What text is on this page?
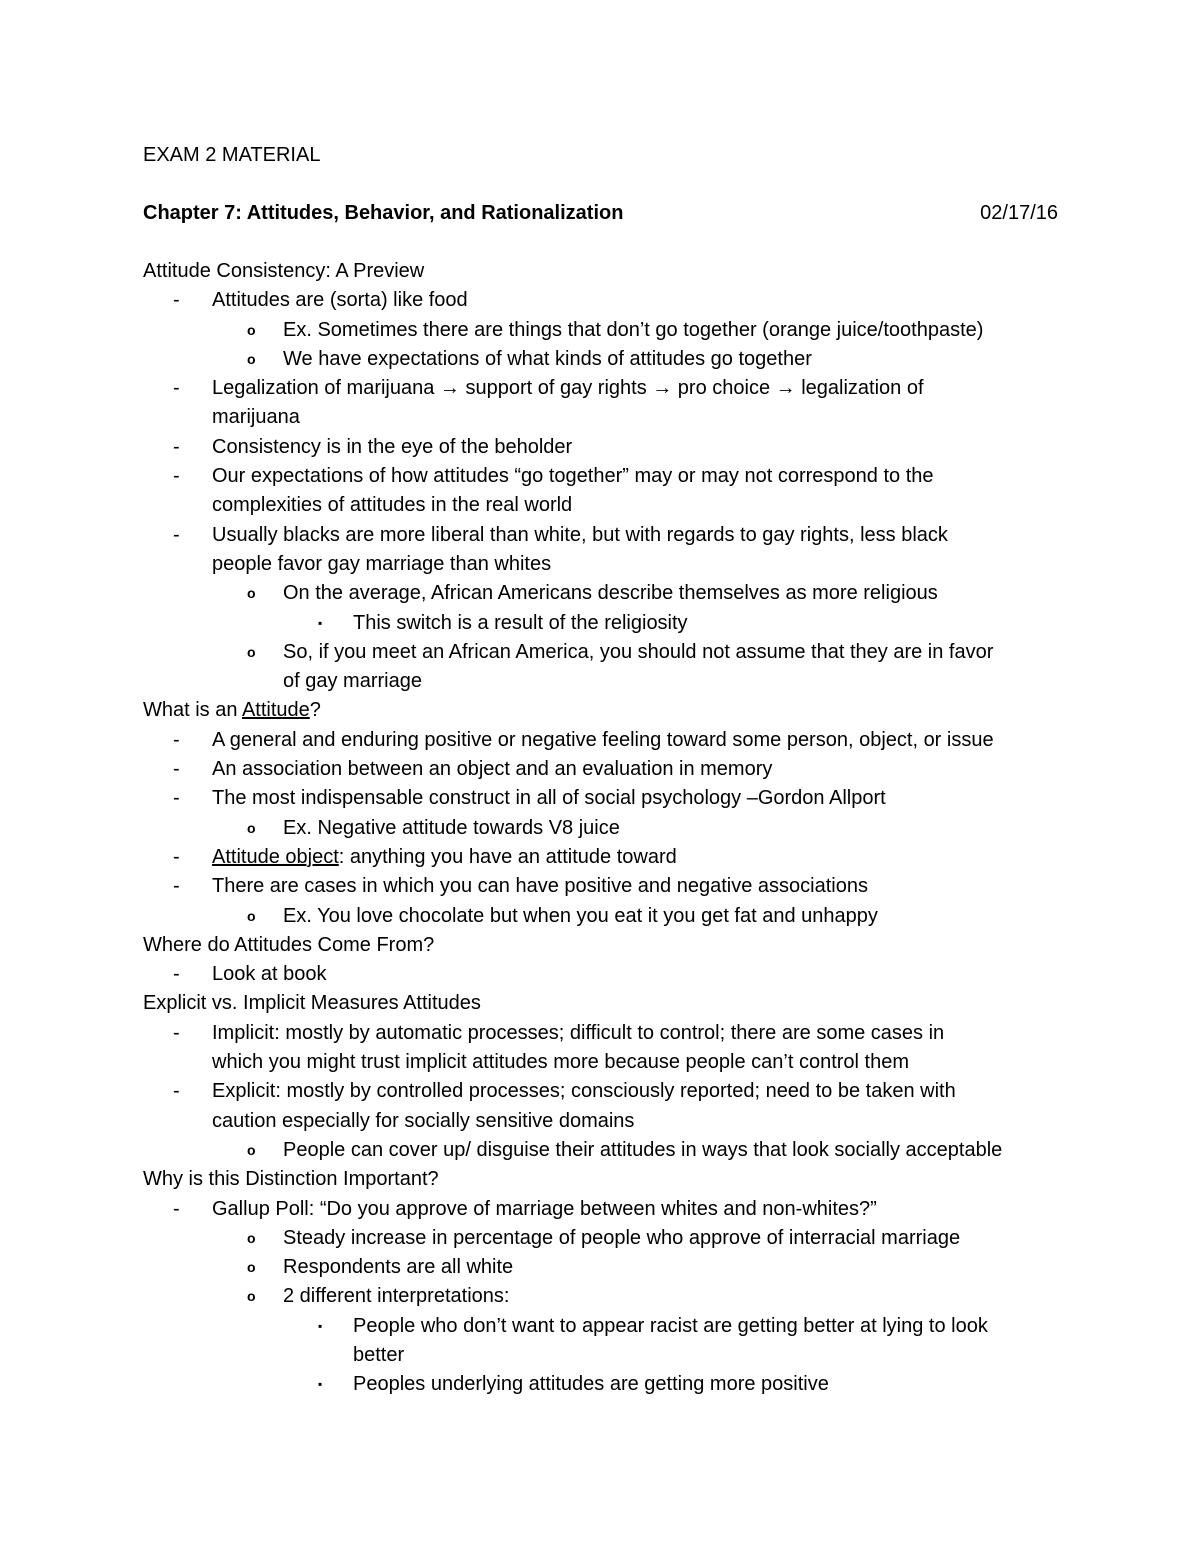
EXAM 2 MATERIAL
Chapter 7: Attitudes, Behavior, and Rationalization	02/17/16
Attitude Consistency: A Preview
- Attitudes are (sorta) like food
o Ex. Sometimes there are things that don’t go together (orange juice/toothpaste)
o We have expectations of what kinds of attitudes go together
- Legalization of marijuana → support of gay rights → pro choice → legalization of
marijuana
- Consistency is in the eye of the beholder
- Our expectations of how attitudes “go together” may or may not correspond to the
complexities of attitudes in the real world
- Usually blacks are more liberal than white, but with regards to gay rights, less black
people favor gay marriage than whites
o On the average, African Americans describe themselves as more religious
▪ This switch is a result of the religiosity
o So, if you meet an African America, you should not assume that they are in favor
of gay marriage
What is an Attitude?
- A general and enduring positive or negative feeling toward some person, object, or issue
- An association between an object and an evaluation in memory
- The most indispensable construct in all of social psychology –Gordon Allport
o Ex. Negative attitude towards V8 juice
- Attitude object: anything you have an attitude toward
- There are cases in which you can have positive and negative associations
o Ex. You love chocolate but when you eat it you get fat and unhappy
Where do Attitudes Come From?
- Look at book
Explicit vs. Implicit Measures Attitudes
- Implicit: mostly by automatic processes; difficult to control; there are some cases in
which you might trust implicit attitudes more because people can’t control them
- Explicit: mostly by controlled processes; consciously reported; need to be taken with
caution especially for socially sensitive domains
o People can cover up/ disguise their attitudes in ways that look socially acceptable
Why is this Distinction Important?
- Gallup Poll: “Do you approve of marriage between whites and non-whites?”
o Steady increase in percentage of people who approve of interracial marriage
o Respondents are all white
o 2 different interpretations:
▪ People who don’t want to appear racist are getting better at lying to look
better
▪ Peoples underlying attitudes are getting more positive
